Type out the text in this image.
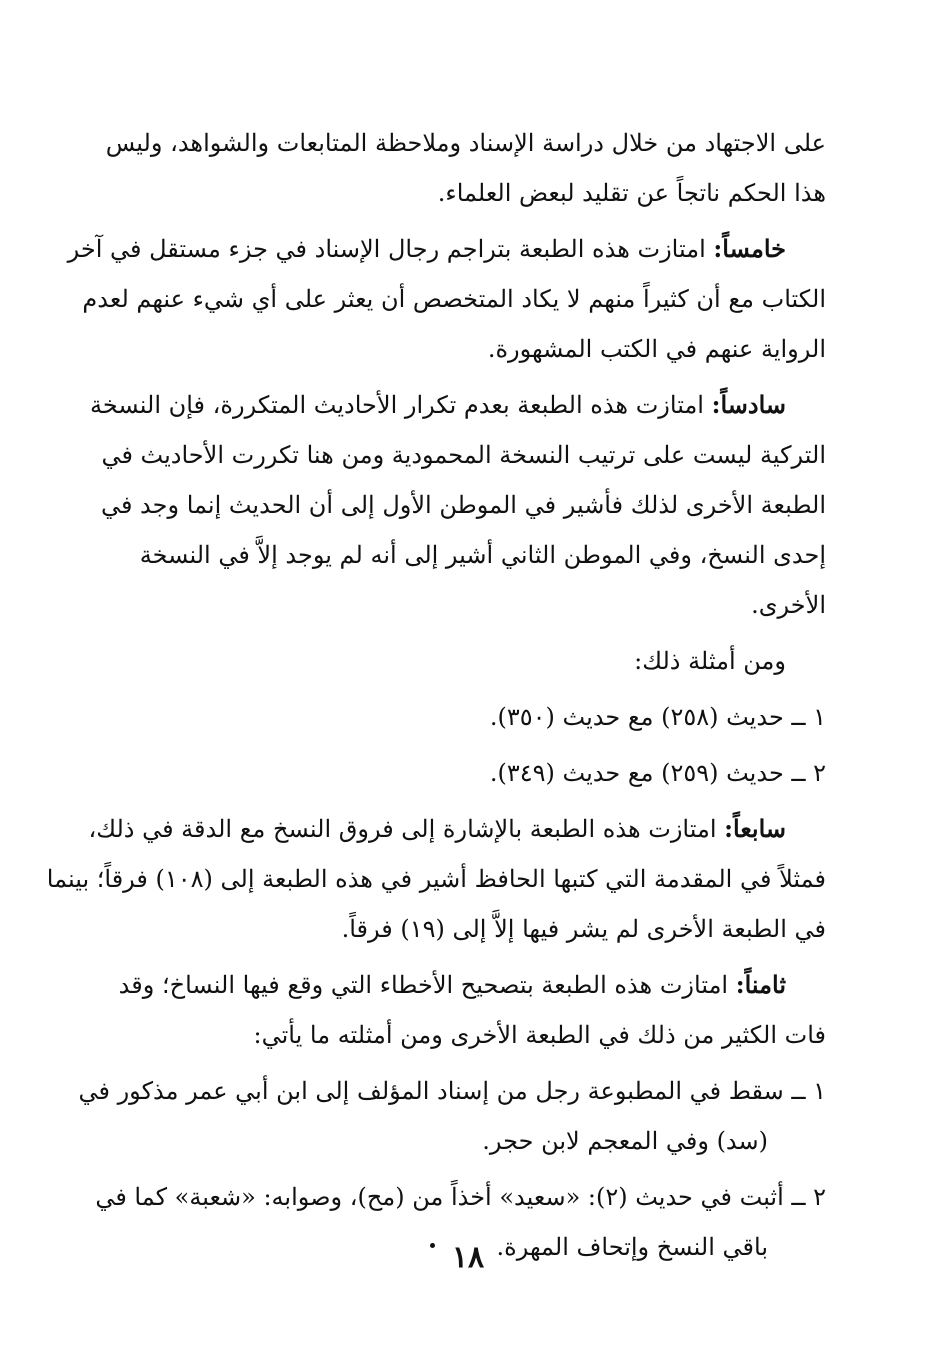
على الاجتهاد من خلال دراسة الإسناد وملاحظة المتابعات والشواهد، وليس
هذا الحكم ناتجاً عن تقليد لبعض العلماء.
خامساً: امتازت هذه الطبعة بتراجم رجال الإسناد في جزء مستقل في آخر
الكتاب مع أن كثيراً منهم لا يكاد المتخصص أن يعثر على أي شيء عنهم لعدم
الرواية عنهم في الكتب المشهورة.
سادساً: امتازت هذه الطبعة بعدم تكرار الأحاديث المتكررة، فإن النسخة
التركية ليست على ترتيب النسخة المحمودية ومن هنا تكررت الأحاديث في
الطبعة الأخرى لذلك فأشير في الموطن الأول إلى أن الحديث إنما وجد في
إحدى النسخ، وفي الموطن الثاني أشير إلى أنه لم يوجد إلاَّ في النسخة
الأخرى.
ومن أمثلة ذلك:
١ ــ حديث (٢٥٨) مع حديث (٣٥٠).
٢ ــ حديث (٢٥٩) مع حديث (٣٤٩).
سابعاً: امتازت هذه الطبعة بالإشارة إلى فروق النسخ مع الدقة في ذلك،
فمثلاً في المقدمة التي كتبها الحافظ أشير في هذه الطبعة إلى (١٠٨) فرقاً؛ بينما
في الطبعة الأخرى لم يشر فيها إلاَّ إلى (١٩) فرقاً.
ثامناً: امتازت هذه الطبعة بتصحيح الأخطاء التي وقع فيها النساخ؛ وقد
فات الكثير من ذلك في الطبعة الأخرى ومن أمثلته ما يأتي:
١ ــ سقط في المطبوعة رجل من إسناد المؤلف إلى ابن أبي عمر مذكور في
(سد) وفي المعجم لابن حجر.
٢ ــ أثبت في حديث (٢): «سعيد» أخذاً من (مح)، وصوابه: «شعبة» كما في
باقي النسخ وإتحاف المهرة.
١٨
